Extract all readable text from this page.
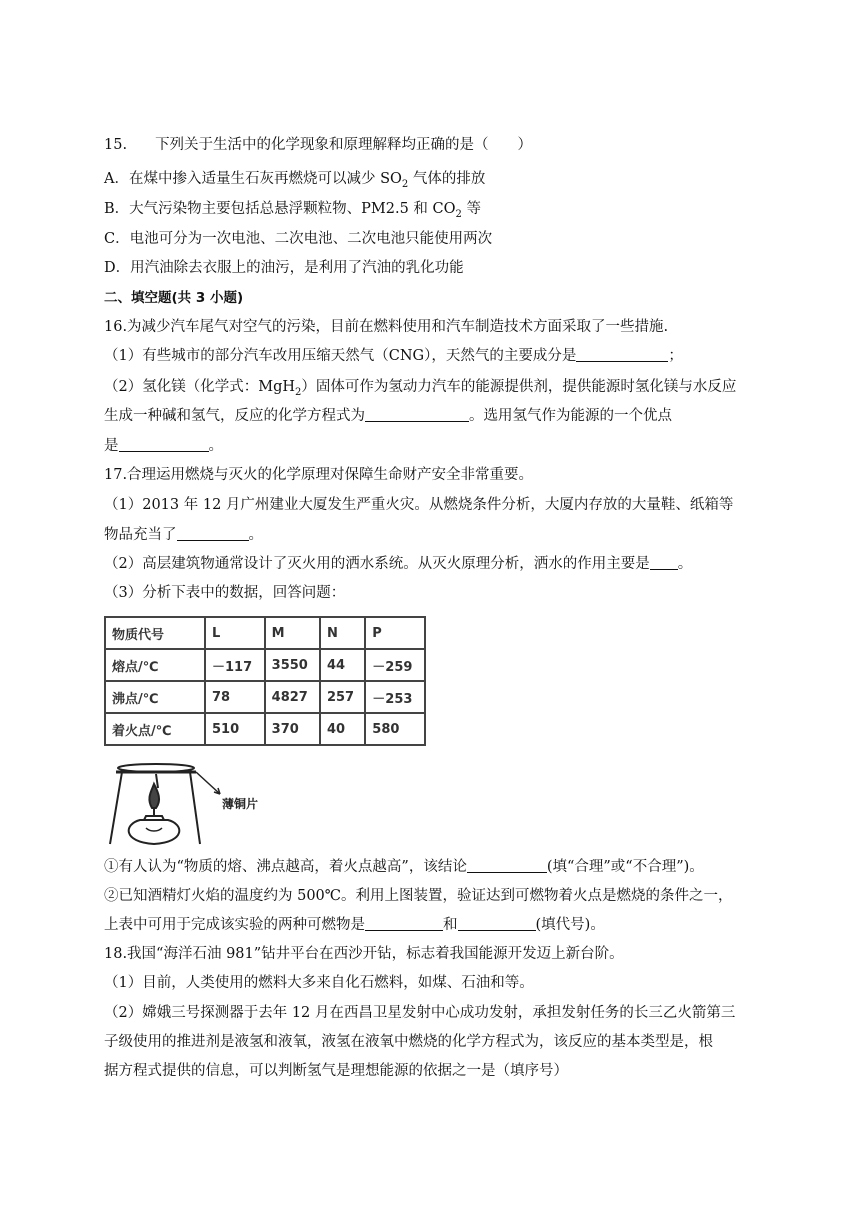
15. 下列关于生活中的化学现象和原理解释均正确的是（　　）
A．在煤中掺入适量生石灰再燃烧可以减少 $SO_2$ 气体的排放
B．大气污染物主要包括总悬浮颗粒物、PM2.5 和 $CO_2$ 等
C．电池可分为一次电池、二次电池、二次电池只能使用两次
D．用汽油除去衣服上的油污，是利用了汽油的乳化功能
二、填空题(共 3 小题)
16.为减少汽车尾气对空气的污染，目前在燃料使用和汽车制造技术方面采取了一些措施.
（1）有些城市的部分汽车改用压缩天然气（CNG），天然气的主要成分是	；
（2）氢化镁（化学式：MgH$_2$）固体可作为氢动力汽车的能源提供剂，提供能源时氢化镁与水反应
生成一种碱和氢气，反应的化学方程式为	。选用氢气作为能源的一个优点
是	。
17.合理运用燃烧与灭火的化学原理对保障生命财产安全非常重要。
（1）2013 年 12 月广州建业大厦发生严重火灾。从燃烧条件分析，大厦内存放的大量鞋、纸箱等
物品充当了	。
（2）高层建筑物通常设计了灭火用的洒水系统。从灭火原理分析，洒水的作用主要是 。
（3）分析下表中的数据，回答问题：
物质代号	L	M	N	P
熔点/℃	－117	3550	44	－259
沸点/℃	78	4827	257	－253
着火点/℃	510	370	40	580
薄铜片
①有人认为“物质的熔、沸点越高，着火点越高”，该结论	(填“合理”或“不合理”)。
②已知酒精灯火焰的温度约为 500℃。利用上图装置，验证达到可燃物着火点是燃烧的条件之一，
上表中可用于完成该实验的两种可燃物是	和	(填代号)。
18.我国“海洋石油 981”钻井平台在西沙开钻，标志着我国能源开发迈上新台阶。
（1）目前，人类使用的燃料大多来自化石燃料，如煤、石油和等。
（2）嫦娥三号探测器于去年 12 月在西昌卫星发射中心成功发射，承担发射任务的长三乙火箭第三
子级使用的推进剂是液氢和液氧，液氢在液氧中燃烧的化学方程式为，该反应的基本类型是，根
据方程式提供的信息，可以判断氢气是理想能源的依据之一是（填序号）
